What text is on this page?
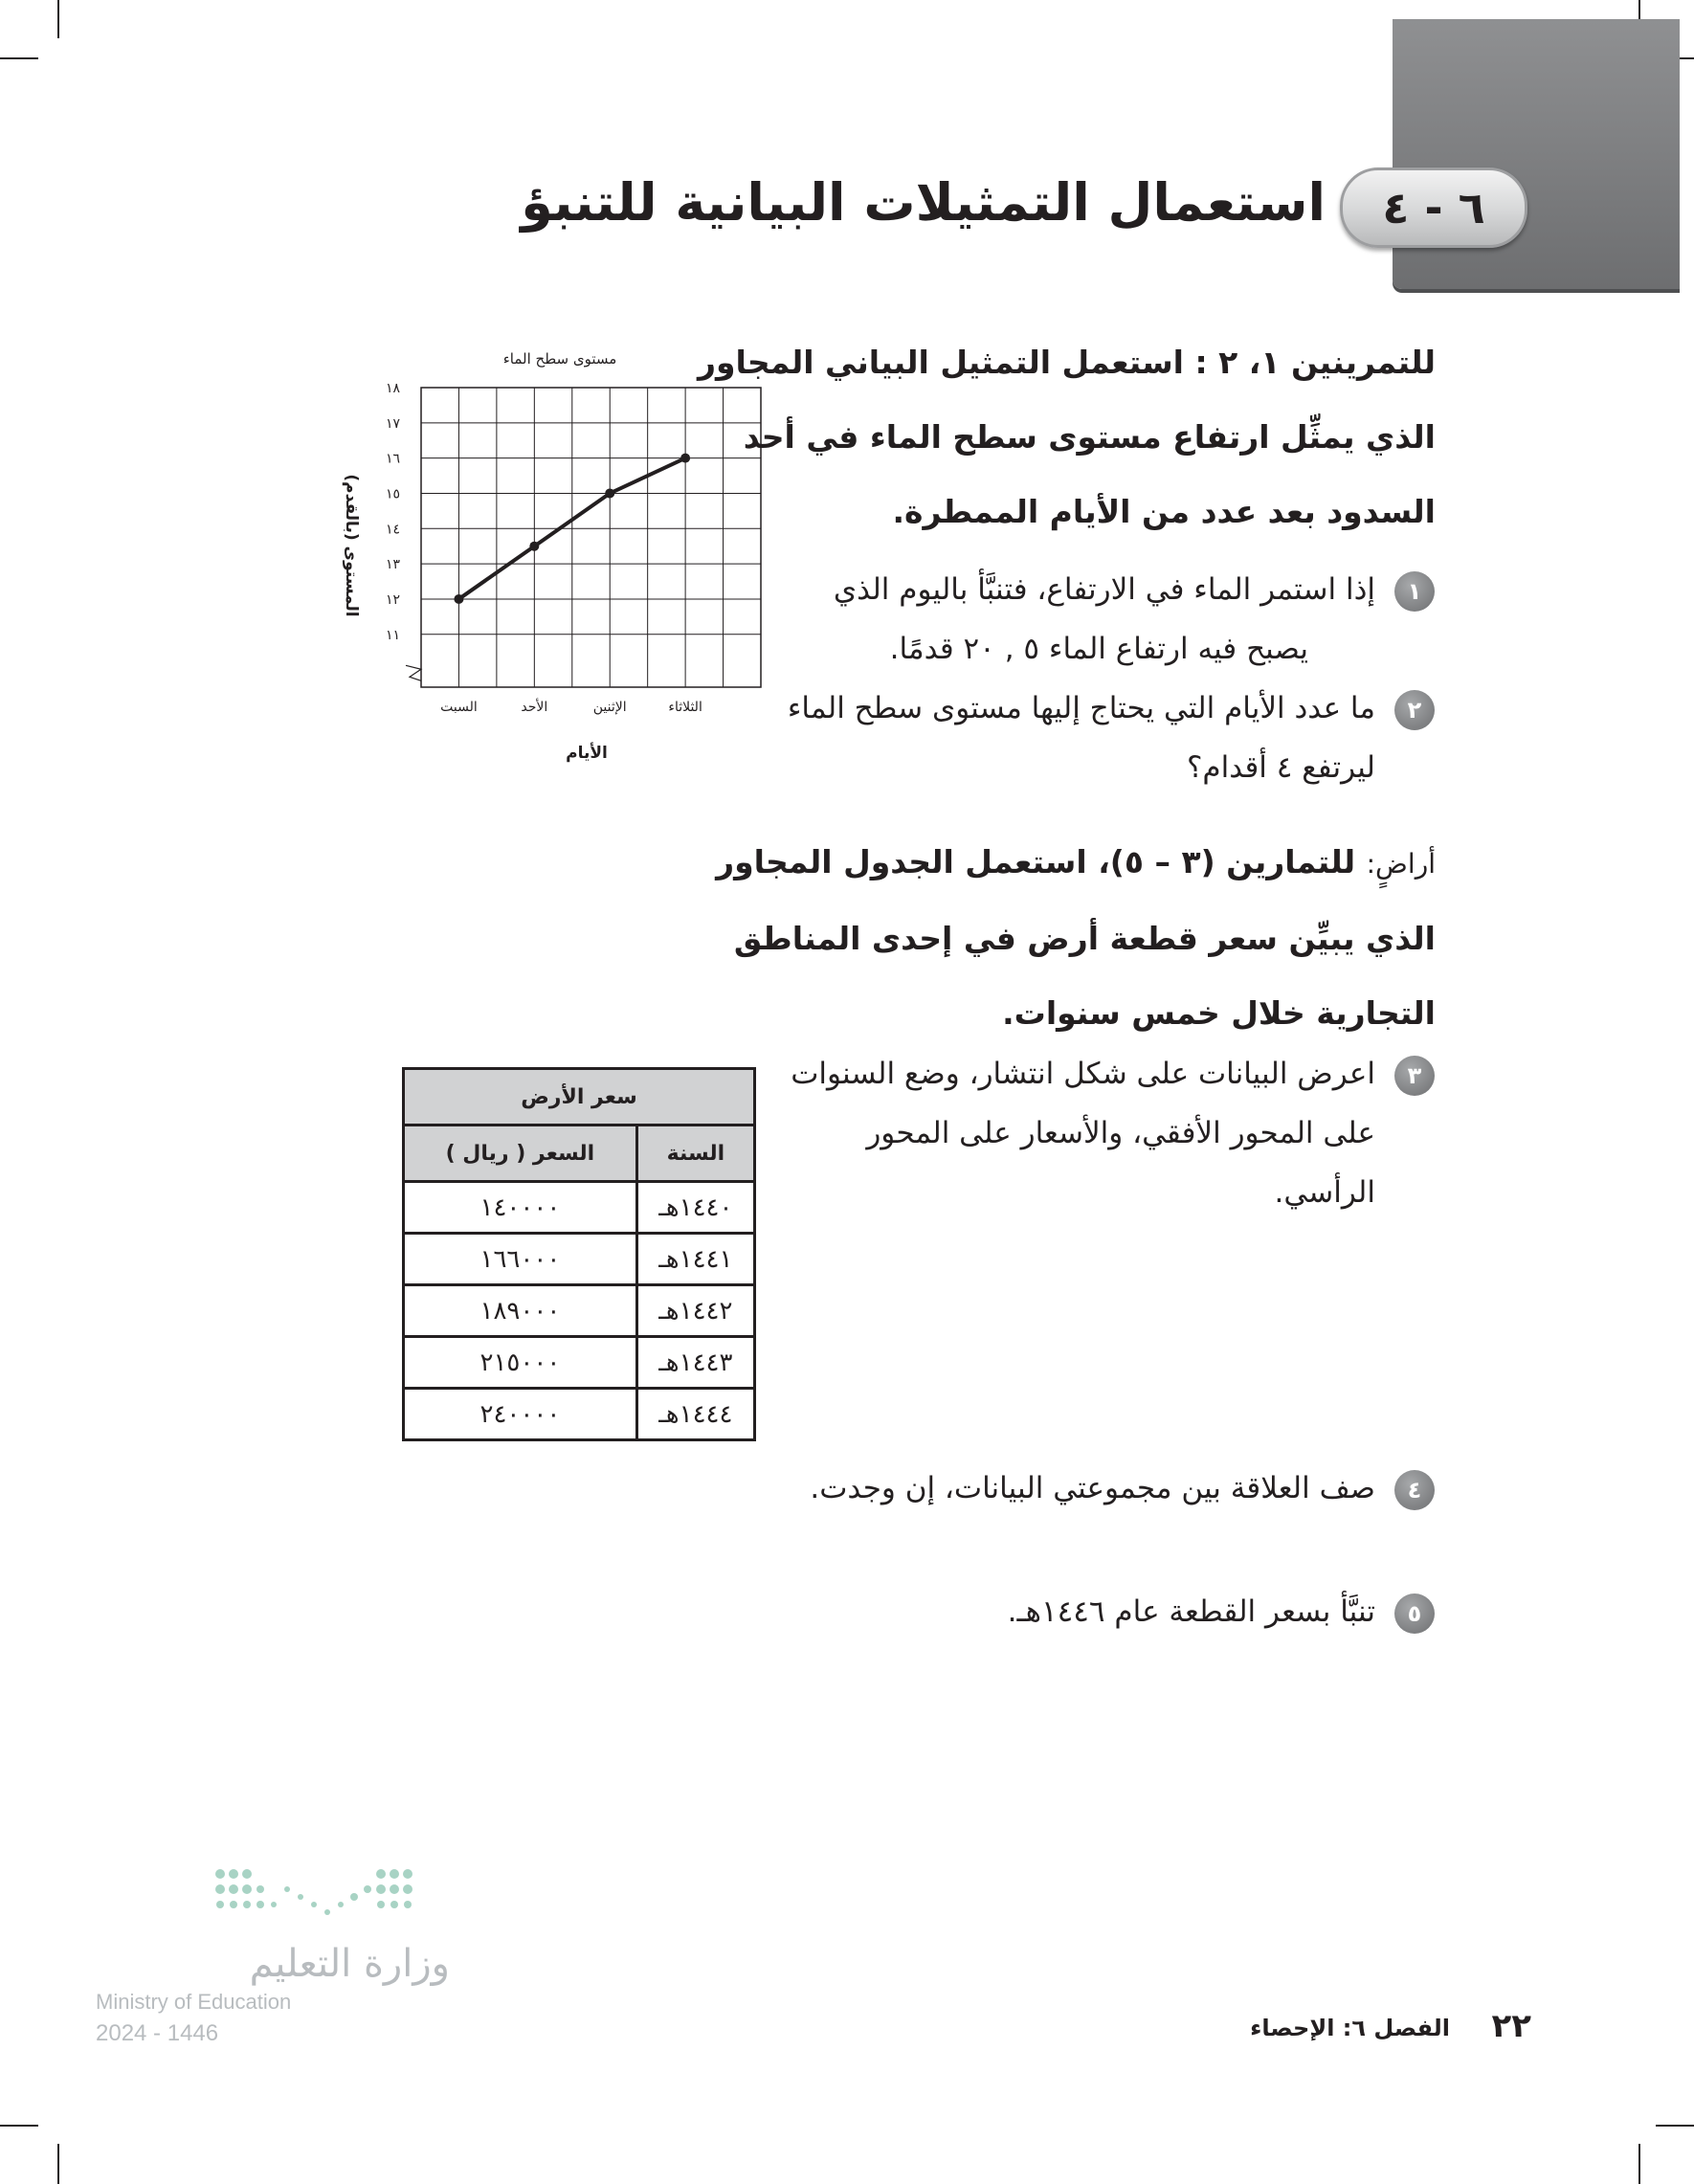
٦ - ٤
استعمال التمثيلات البيانية للتنبؤ
للتمرينين ١، ٢ : استعمل التمثيل البياني المجاور
الذي يمثِّل ارتفاع مستوى سطح الماء في أحد
السدود بعد عدد من الأيام الممطرة.
١
إذا استمر الماء في الارتفاع، فتنبَّأ باليوم الذي
يصبح فيه ارتفاع الماء ٥ , ٢٠ قدمًا.
٢
ما عدد الأيام التي يحتاج إليها مستوى سطح الماء
ليرتفع ٤ أقدام؟
مستوى سطح الماء
١١
١٢
١٣
١٤
١٥
١٦
١٧
١٨
السبت	الأحد	الإثنين	الثلاثاء
الأيام
المستوى (بالقدم)
أراضٍ: للتمارين (٣ – ٥)، استعمل الجدول المجاور
الذي يبيِّن سعر قطعة أرض في إحدى المناطق
التجارية خلال خمس سنوات.
٣
اعرض البيانات على شكل انتشار، وضع السنوات
على المحور الأفقي، والأسعار على المحور
الرأسي.
سعر الأرض	
السنة	السعر ( ريال )
١٤٤٠هـ	١٤٠٠٠٠
١٤٤١هـ	١٦٦٠٠٠
١٤٤٢هـ	١٨٩٠٠٠
١٤٤٣هـ	٢١٥٠٠٠
١٤٤٤هـ	٢٤٠٠٠٠
٤
صف العلاقة بين مجموعتي البيانات، إن وجدت.
٥
تنبَّأ بسعر القطعة عام ١٤٤٦هـ.
وزارة التعليم
Ministry of Education
2024 - 1446	الفصل ٦: الإحصاء ٢٢
